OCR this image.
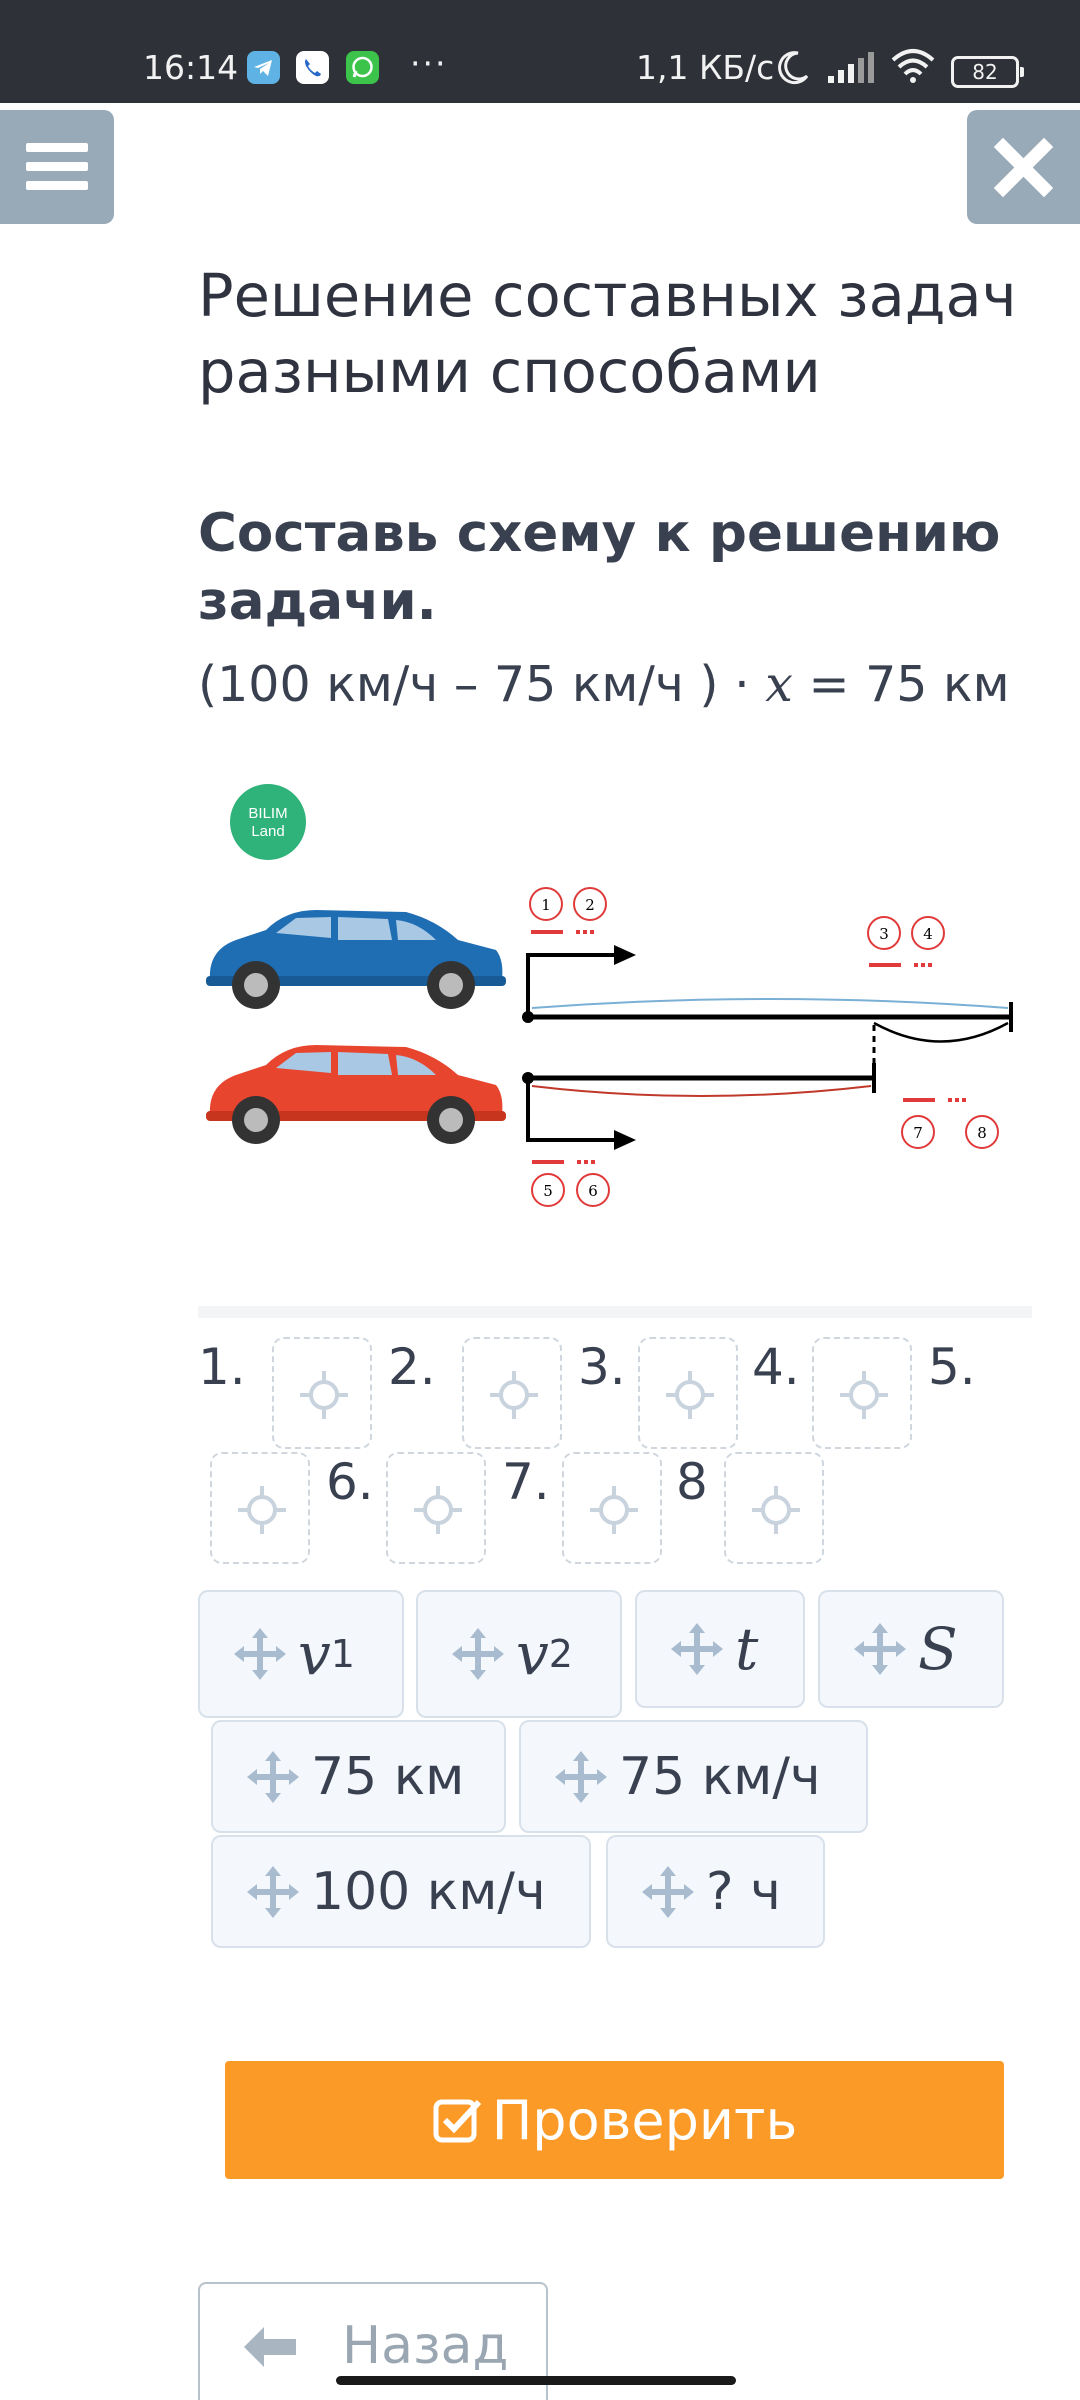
16:14	···	1,1 КБ/с	82
Решение составных задач разными способами
Составь схему к решению задачи.
(100 км/ч – 75 км/ч ) · x = 75 км
BILIM
Land
1 2
3 4
7	8
5 6
1.	2.	3.	4.	5.
6.	7.	8
v 1	v 2	t	S
75 км	75 км/ч
100 км/ч	? ч
Проверить
Назад
